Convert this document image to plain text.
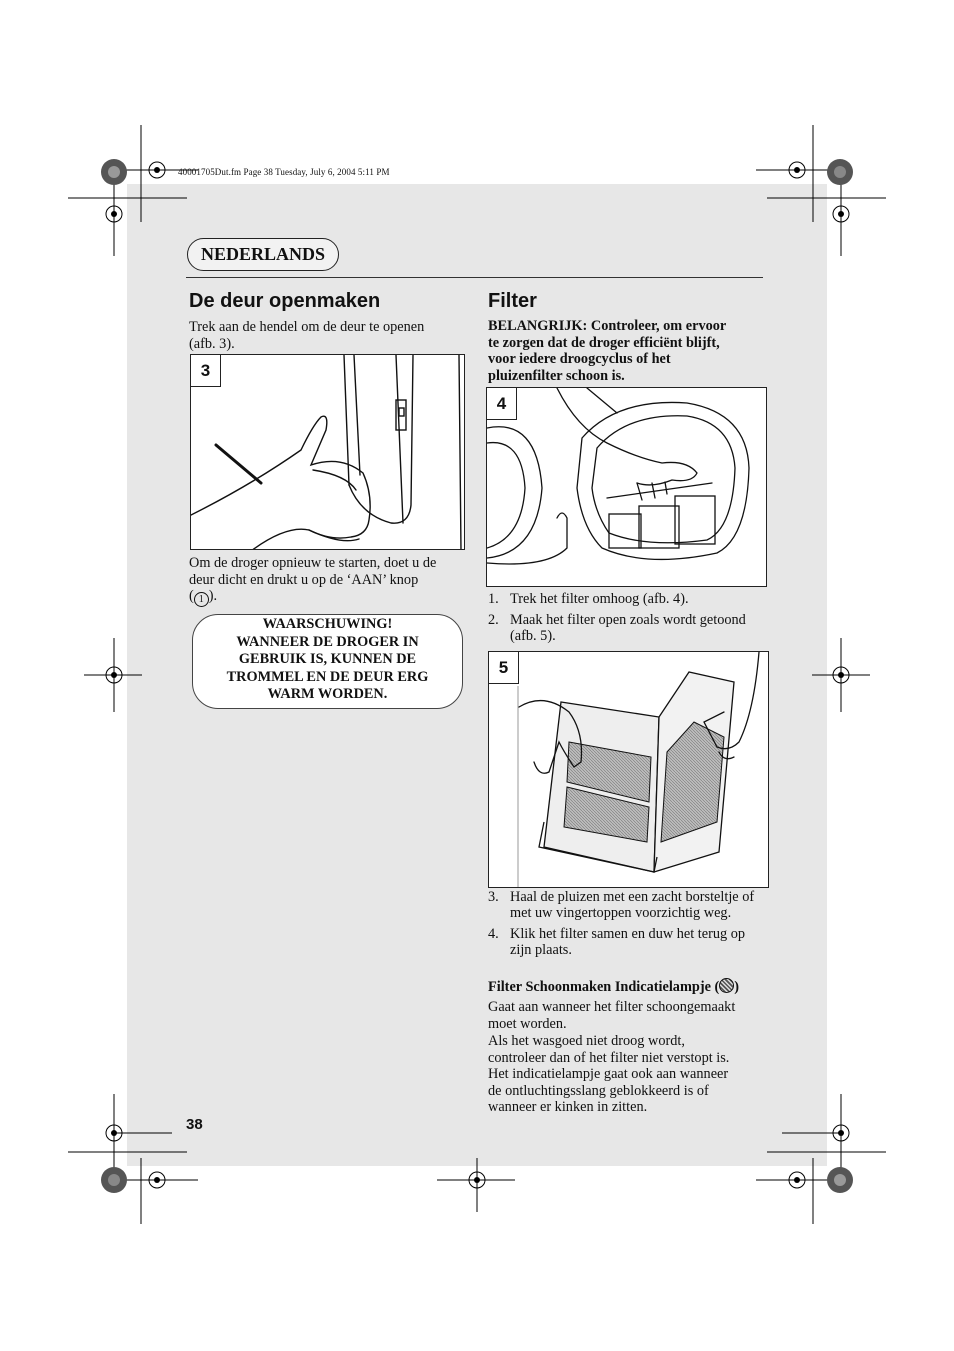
40001705Dut.fm Page 38 Tuesday, July 6, 2004 5:11 PM
NEDERLANDS
De deur openmaken
Trek aan de hendel om de deur te openen
(afb. 3).
3
Om de droger opnieuw te starten, doet u de
deur dicht en drukt u op de ‘AAN’ knop
( 1 ).
WAARSCHUWING!
WANNEER DE DROGER IN
GEBRUIK IS, KUNNEN DE
TROMMEL EN DE DEUR ERG
WARM WORDEN.
Filter
BELANGRIJK: Controleer, om ervoor
te zorgen dat de droger efficiënt blijft,
voor iedere droogcyclus of het
pluizenfilter schoon is.
4
1. Trek het filter omhoog (afb. 4).
2. Maak het filter open zoals wordt getoond (afb. 5).
5
3. Haal de pluizen met een zacht borsteltje of met uw vingertoppen voorzichtig weg.
4. Klik het filter samen en duw het terug op zijn plaats.
Filter Schoonmaken Indicatielampje ( )
Gaat aan wanneer het filter schoongemaakt
moet worden.
Als het wasgoed niet droog wordt,
controleer dan of het filter niet verstopt is.
Het indicatielampje gaat ook aan wanneer
de ontluchtingsslang geblokkeerd is of
wanneer er kinken in zitten.
38
